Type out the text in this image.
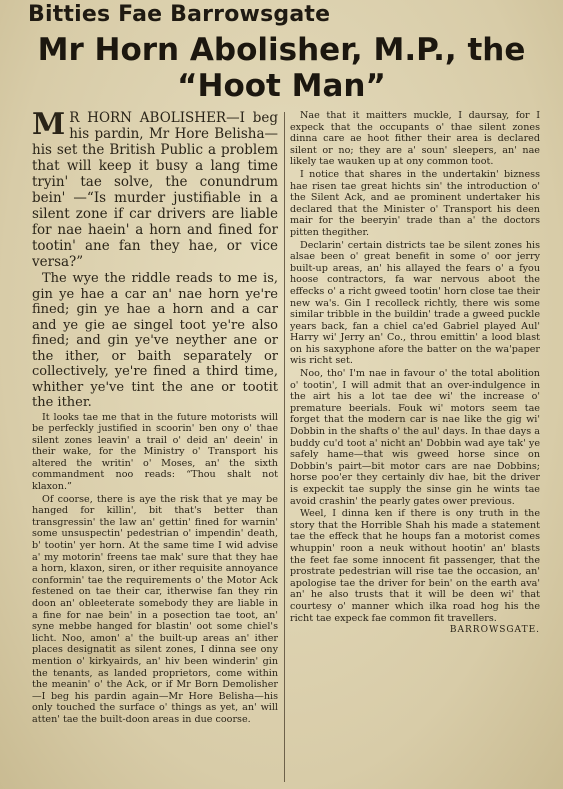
Bitties Fae Barrowsgate
Mr Horn Abolisher, M.P., the
“Hoot Man”

M R HORN ABOLISHER—I beg his pardin, Mr Hore Belisha—his set the British Public a problem that will keep it busy a lang time tryin' tae solve, the conundrum bein' —“Is murder justifiable in a silent zone if car drivers are liable for nae haein' a horn and fined for tootin' ane fan they hae, or vice versa?”

The wye the riddle reads to me is, gin ye hae a car an' nae horn ye're fined; gin ye hae a horn and a car and ye gie ae singel toot ye're also fined; and gin ye've neyther ane or the ither, or baith separately or collectively, ye're fined a third time, whither ye've tint the ane or tootit the ither.

It looks tae me that in the future motorists will be perfeckly justified in scoorin' ben ony o' thae silent zones leavin' a trail o' deid an' deein' in their wake, for the Ministry o' Transport his altered the writin' o' Moses, an' the sixth commandment noo reads: “Thou shalt not klaxon.”

Of coorse, there is aye the risk that ye may be hanged for killin', bit that's better than transgressin' the law an' gettin' fined for warnin' some unsuspectin' pedestrian o' impendin' death, b' tootin' yer horn. At the same time I wid advise a' my motorin' freens tae mak' sure that they hae a horn, klaxon, siren, or ither requisite annoyance conformin' tae the requirements o' the Motor Ack festened on tae their car, itherwise fan they rin doon an' obleeterate somebody they are liable in a fine for nae bein' in a posection tae toot, an' syne mebbe hanged for blastin' oot some chiel's licht. Noo, amon' a' the built-up areas an' ither places designatit as silent zones, I dinna see ony mention o' kirkyairds, an' hiv been winderin' gin the tenants, as landed proprietors, come within the meanin' o' the Ack, or if Mr Born Demolisher—I beg his pardin again—Mr Hore Belisha—his only touched the surface o' things as yet, an' will atten' tae the built-doon areas in due coorse.

Nae that it maitters muckle, I daursay, for I expeck that the occupants o' thae silent zones dinna care ae hoot fither their area is declared silent or no; they are a' soun' sleepers, an' nae likely tae wauken up at ony common toot.

I notice that shares in the undertakin' bizness hae risen tae great hichts sin' the introduction o' the Silent Ack, and ae prominent undertaker his declared that the Minister o' Transport his deen mair for the beeryin' trade than a' the doctors pitten thegither.

Declarin' certain districts tae be silent zones his alsae been o' great benefit in some o' oor jerry built-up areas, an' his allayed the fears o' a fyou hoose contractors, fa war nervous aboot the effecks o' a richt gweed tootin' horn close tae their new wa's. Gin I recolleck richtly, there wis some similar tribble in the buildin' trade a gweed puckle years back, fan a chiel ca'ed Gabriel played Aul' Harry wi' Jerry an' Co., throu emittin' a lood blast on his saxyphone afore the batter on the wa'paper wis richt set.

Noo, tho' I'm nae in favour o' the total abolition o' tootin', I will admit that an over-indulgence in the airt his a lot tae dee wi' the increase o' premature beerials. Fouk wi' motors seem tae forget that the modern car is nae like the gig wi' Dobbin in the shafts o' the aul' days. In thae days a buddy cu'd toot a' nicht an' Dobbin wad aye tak' ye safely hame—that wis gweed horse since on Dobbin's pairt—bit motor cars are nae Dobbins; horse poo'er they certainly div hae, bit the driver is expeckit tae supply the sinse gin he wints tae avoid crashin' the pearly gates ower previous.

Weel, I dinna ken if there is ony truth in the story that the Horrible Shah his made a statement tae the effeck that he houps fan a motorist comes whuppin' roon a neuk without hootin' an' blasts the feet fae some innocent fit passenger, that the prostrate pedestrian will rise tae the occasion, an' apologise tae the driver for bein' on the earth ava' an' he also trusts that it will be deen wi' that courtesy o' manner which ilka road hog his the richt tae expeck fae common fit travellers.

BARROWSGATE.
